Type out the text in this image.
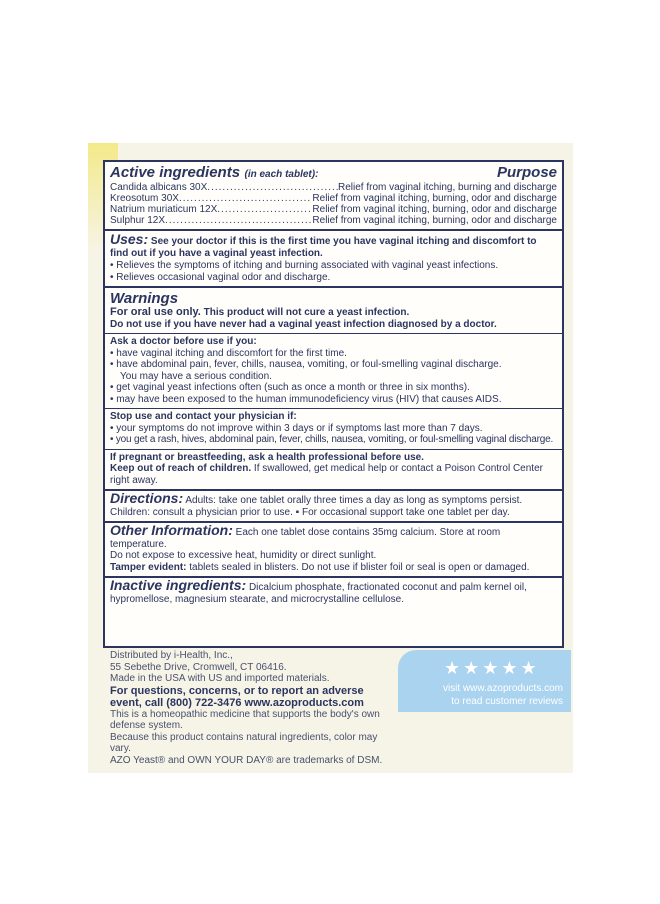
Active ingredients (in each tablet):	Purpose
Candida albicans 30X .....	Relief from vaginal itching, burning and discharge
Kreosotum 30X .....	Relief from vaginal itching, burning, odor and discharge
Natrium muriaticum 12X .....	Relief from vaginal itching, burning, odor and discharge
Sulphur 12X .....	Relief from vaginal itching, burning, odor and discharge
Uses: See your doctor if this is the first time you have vaginal itching and discomfort to find out if you have a vaginal yeast infection.
• Relieves the symptoms of itching and burning associated with vaginal yeast infections.
• Relieves occasional vaginal odor and discharge.
Warnings
For oral use only. This product will not cure a yeast infection.
Do not use if you have never had a vaginal yeast infection diagnosed by a doctor.
Ask a doctor before use if you:
• have vaginal itching and discomfort for the first time.
• have abdominal pain, fever, chills, nausea, vomiting, or foul-smelling vaginal discharge.
You may have a serious condition.
• get vaginal yeast infections often (such as once a month or three in six months).
• may have been exposed to the human immunodeficiency virus (HIV) that causes AIDS.
Stop use and contact your physician if:
• your symptoms do not improve within 3 days or if symptoms last more than 7 days.
• you get a rash, hives, abdominal pain, fever, chills, nausea, vomiting, or foul-smelling vaginal discharge.
If pregnant or breastfeeding, ask a health professional before use.
Keep out of reach of children. If swallowed, get medical help or contact a Poison Control Center right away.
Directions: Adults: take one tablet orally three times a day as long as symptoms persist.
Children: consult a physician prior to use. ▪ For occasional support take one tablet per day.
Other Information: Each one tablet dose contains 35mg calcium. Store at room temperature.
Do not expose to excessive heat, humidity or direct sunlight.
Tamper evident: tablets sealed in blisters. Do not use if blister foil or seal is open or damaged.
Inactive ingredients: Dicalcium phosphate, fractionated coconut and palm kernel oil, hypromellose, magnesium stearate, and microcrystalline cellulose.
Distributed by i-Health, Inc.,
55 Sebethe Drive, Cromwell, CT 06416.
Made in the USA with US and imported materials.
For questions, concerns, or to report an adverse event, call (800) 722-3476 www.azoproducts.com
This is a homeopathic medicine that supports the body's own defense system.
Because this product contains natural ingredients, color may vary.
AZO Yeast® and OWN YOUR DAY® are trademarks of DSM.
★★★★★
visit www.azoproducts.com
to read customer reviews
